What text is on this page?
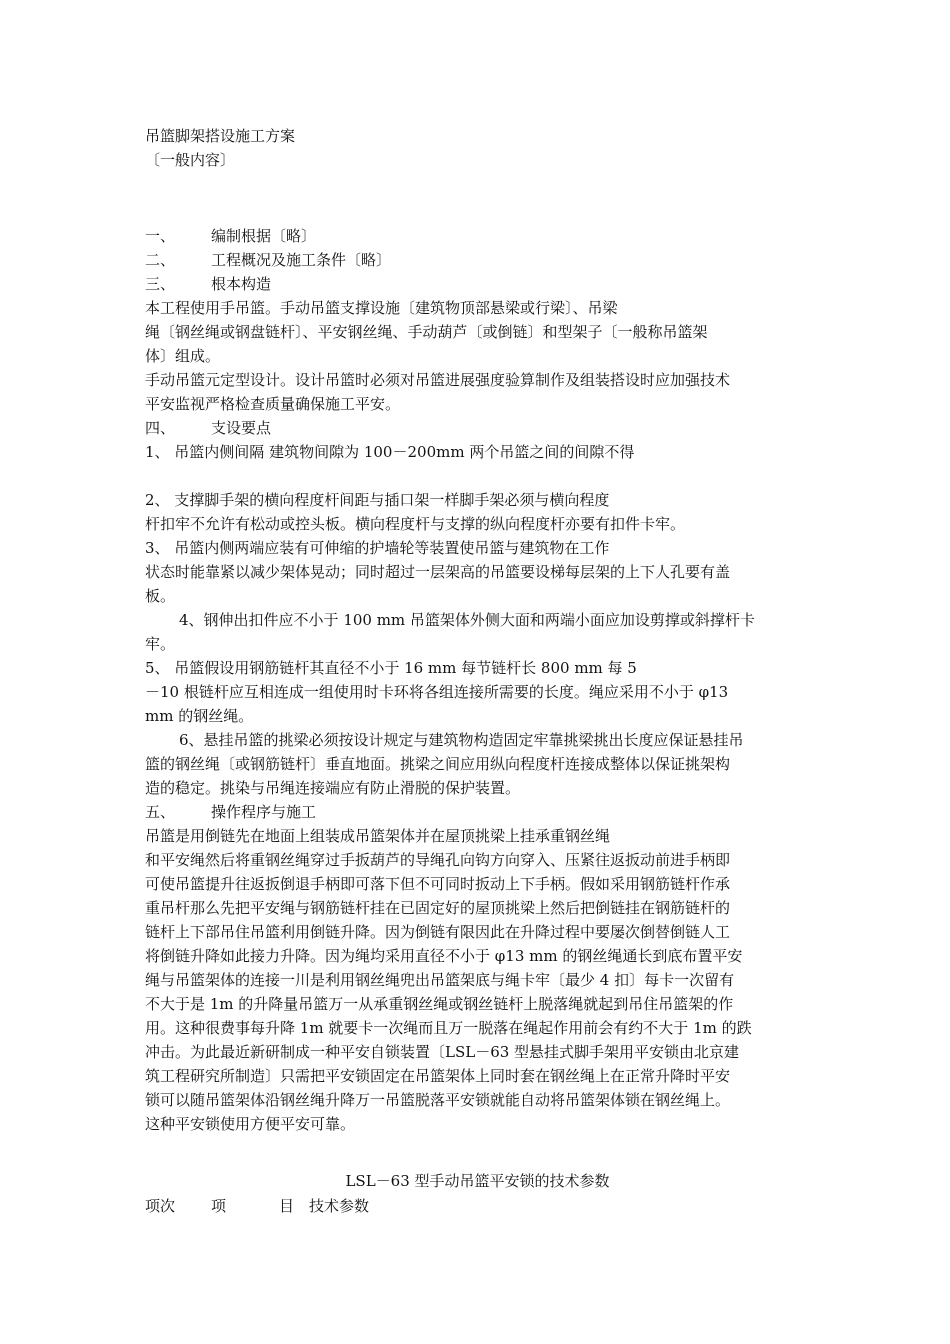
吊篮脚架搭设施工方案
〔一般内容〕
一、 编制根据〔略〕
二、 工程概况及施工条件〔略〕
三、 根本构造
本工程使用手吊篮。手动吊篮支撑设施〔建筑物顶部悬梁或行梁〕、吊梁
绳〔钢丝绳或钢盘链杆〕、平安钢丝绳、手动葫芦〔或倒链〕和型架子〔一般称吊篮架
体〕组成。
手动吊篮元定型设计。设计吊篮时必须对吊篮进展强度验算制作及组装搭设时应加强技术
平安监视严格检查质量确保施工平安。
四、 支设要点
1、 吊篮内侧间隔 建筑物间隙为 100－200mm 两个吊篮之间的间隙不得
2、 支撑脚手架的横向程度杆间距与插口架一样脚手架必须与横向程度
杆扣牢不允许有松动或控头板。横向程度杆与支撑的纵向程度杆亦要有扣件卡牢。
3、 吊篮内侧两端应装有可伸缩的护墙轮等装置使吊篮与建筑物在工作
状态时能靠紧以减少架体晃动；同时超过一层架高的吊篮要设梯每层架的上下人孔要有盖
板。
4、钢伸出扣件应不小于 100 mm 吊篮架体外侧大面和两端小面应加设剪撑或斜撑杆卡
牢。
5、 吊篮假设用钢筋链杆其直径不小于 16 mm 每节链杆长 800 mm 每 5
－10 根链杆应互相连成一组使用时卡环将各组连接所需要的长度。绳应采用不小于 φ13
mm 的钢丝绳。
6、悬挂吊篮的挑梁必须按设计规定与建筑物构造固定牢靠挑梁挑出长度应保证悬挂吊
篮的钢丝绳〔或钢筋链杆〕垂直地面。挑梁之间应用纵向程度杆连接成整体以保证挑架构
造的稳定。挑染与吊绳连接端应有防止滑脱的保护装置。
五、 操作程序与施工
吊篮是用倒链先在地面上组装成吊篮架体并在屋顶挑梁上挂承重钢丝绳
和平安绳然后将重钢丝绳穿过手扳葫芦的导绳孔向钩方向穿入、压紧往返扳动前进手柄即
可使吊篮提升往返扳倒退手柄即可落下但不可同时扳动上下手柄。假如采用钢筋链杆作承
重吊杆那么先把平安绳与钢筋链杆挂在已固定好的屋顶挑梁上然后把倒链挂在钢筋链杆的
链杆上下部吊住吊篮利用倒链升降。因为倒链有限因此在升降过程中要屡次倒替倒链人工
将倒链升降如此接力升降。因为绳均采用直径不小于 φ13 mm 的钢丝绳通长到底布置平安
绳与吊篮架体的连接一川是利用钢丝绳兜出吊篮架底与绳卡牢〔最少 4 扣〕每卡一次留有
不大于是 1m 的升降量吊篮万一从承重钢丝绳或钢丝链杆上脱落绳就起到吊住吊篮架的作
用。这种很费事每升降 1m 就要卡一次绳而且万一脱落在绳起作用前会有约不大于 1m 的跌
冲击。为此最近新研制成一种平安自锁装置〔LSL－63 型悬挂式脚手架用平安锁由北京建
筑工程研究所制造〕只需把平安锁固定在吊篮架体上同时套在钢丝绳上在正常升降时平安
锁可以随吊篮架体沿钢丝绳升降万一吊篮脱落平安锁就能自动将吊篮架体锁在钢丝绳上。
这种平安锁使用方便平安可靠。
LSL－63 型手动吊篮平安锁的技术参数
项次 项	目 技术参数
